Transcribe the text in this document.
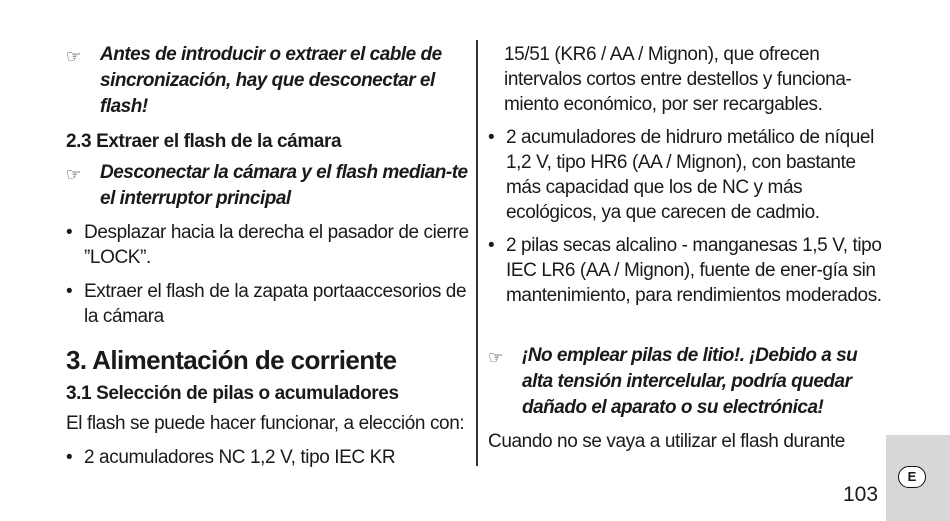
☞	Antes de introducir o extraer el cable de sincronización, hay que desconectar el flash!
2.3 Extraer el flash de la cámara
☞	Desconectar la cámara y el flash median-te el interruptor principal
• Desplazar hacia la derecha el pasador de cierre ”LOCK”.
• Extraer el flash de la zapata portaaccesorios de la cámara
3. Alimentación de corriente
3.1 Selección de pilas o acumuladores
El flash se puede hacer funcionar, a elección con:
• 2 acumuladores NC 1,2 V, tipo IEC KR
15/51 (KR6 / AA / Mignon), que ofrecen intervalos cortos entre destellos y funciona-miento económico, por ser recargables.
• 2 acumuladores de hidruro metálico de níquel 1,2 V, tipo HR6 (AA / Mignon), con bastante más capacidad que los de NC y más ecológicos, ya que carecen de cadmio.
• 2 pilas secas alcalino - manganesas 1,5 V, tipo IEC LR6 (AA / Mignon), fuente de ener-gía sin mantenimiento, para rendimientos moderados.
☞	¡No emplear pilas de litio!. ¡Debido a su alta tensión intercelular, podría quedar dañado el aparato o su electrónica!
Cuando no se vaya a utilizar el flash durante
E
103
